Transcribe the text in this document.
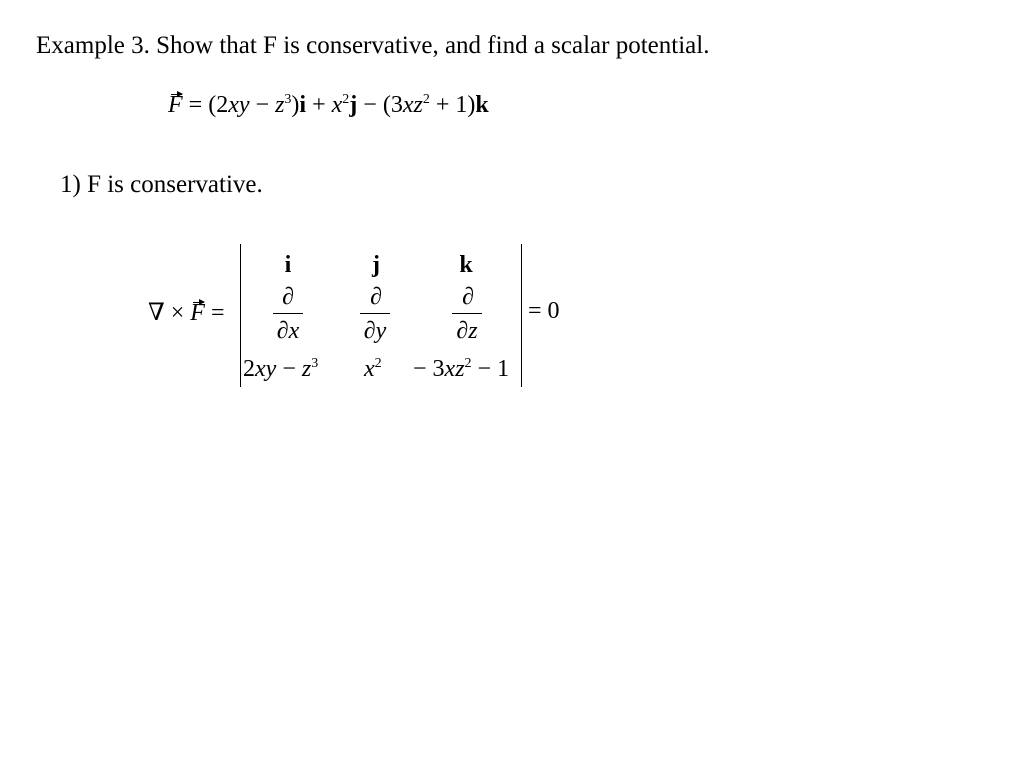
Example 3. Show that F is conservative, and find a scalar potential.
$F = (2xy - z^3)i + x^2j - (3xz^2 + 1)k$
1) F is conservative.
∇ × F =
i	j	k
∂
∂x
∂
∂y
∂
∂z
$2xy - z^3$ $x^2 - 3xz^2 - 1$
= 0
